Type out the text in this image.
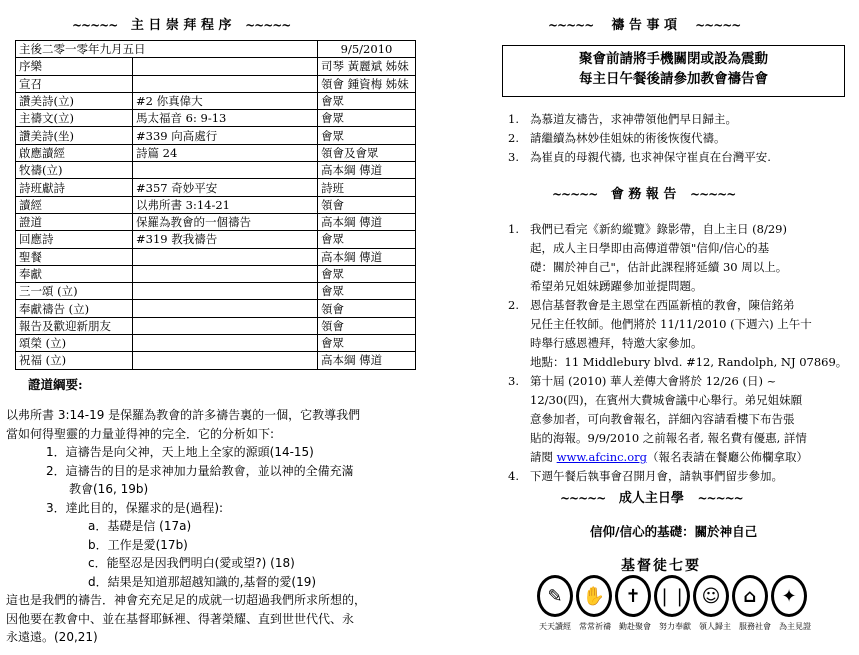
~~~~~ 主 日 崇 拜 程 序 ~~~~~
主後二零一零年九月五日		9/5/2010
序樂		司琴 黃麗斌 姊妹
宣召		領會 鍾資梅 姊妹
讚美詩(立)	#2 你真偉大	會眾
主禱文(立)	馬太福音 6: 9-13	會眾
讚美詩(坐)	#339 向高處行	會眾
啟應讀經	詩篇 24	領會及會眾
牧禱(立)		高本綱 傳道
詩班獻詩	#357 奇妙平安	詩班
讀經	以弗所書 3:14-21	領會
證道	保羅為教會的一個禱告	高本綱 傳道
回應詩	#319 教我禱告	會眾
聖餐		高本綱 傳道
奉獻		會眾
三一頌 (立)		會眾
奉獻禱告 (立)		領會
報告及歡迎新朋友		領會
頌榮 (立)		會眾
祝福 (立)		高本綱 傳道
證道綱要:
以弗所書 3:14-19 是保羅為教會的許多禱告裏的一個，它教導我們
當如何得聖靈的力量並得神的完全．它的分析如下:
1．這禱告是向父神，天上地上全家的源頭(14-15)
2．這禱告的目的是求神加力量給教會，並以神的全備充滿
教會(16, 19b)
3．達此目的，保羅求的是(過程):
a．基礎是信 (17a)
b．工作是愛(17b)
c．能堅忍是因我們明白(愛或望?) (18)
d．結果是知道那超越知識的,基督的愛(19)
這也是我們的禱告．神會充充足足的成就一切超過我們所求所想的，
因他要在教會中、並在基督耶穌裡、得著榮耀、直到世世代代、永
永遠遠。(20,21)
~~~~~ 禱 告 事 項 ~~~~~
聚會前請將手機關閉或設為震動
每主日午餐後請參加教會禱告會
1. 為慕道友禱告，求神帶領他們早日歸主。
2. 請繼續為林妙佳姐妹的術後恢復代禱。
3. 為崔貞的母親代禱, 也求神保守崔貞在台灣平安.
~~~~~ 會 務 報 告 ~~~~~
1. 我們已看完《新約縱覽》錄影帶，自上主日 (8/29)
起，成人主日學即由高傳道帶領"信仰/信心的基
礎：關於神自己"，估計此課程將延續 30 周以上。
希望弟兄姐妹踴躍參加並提問題。
2. 恩信基督教會是主恩堂在西區新植的教會，陳信銘弟
兄任主任牧師。他們將於 11/11/2010 (下週六) 上午十
時舉行感恩禮拜，特邀大家參加。
地點：11 Middlebury blvd. #12, Randolph, NJ 07869。
3. 第十屆 (2010) 華人差傳大會將於 12/26 (日) ~
12/30(四)，在賓州大費城會議中心舉行。弟兄姐妹願
意參加者，可向教會報名，詳細內容請看樓下布告張
貼的海報。9/9/2010 之前報名者, 報名費有優惠, 詳情
請閱 www.afcinc.org（報名表請在餐廳公佈欄拿取）
4. 下週午餐后執事會召開月會，請執事們留步參加。
~~~~~ 成人主日學 ~~~~~
信仰/信心的基礎：關於神自己
基督徒七要
✎	✋	✝ ❘❘ ☺	⌂	✦
天天讀經	常常祈禱	勤赴聚會	努力奉獻	領人歸主	服務社會	為主見證
